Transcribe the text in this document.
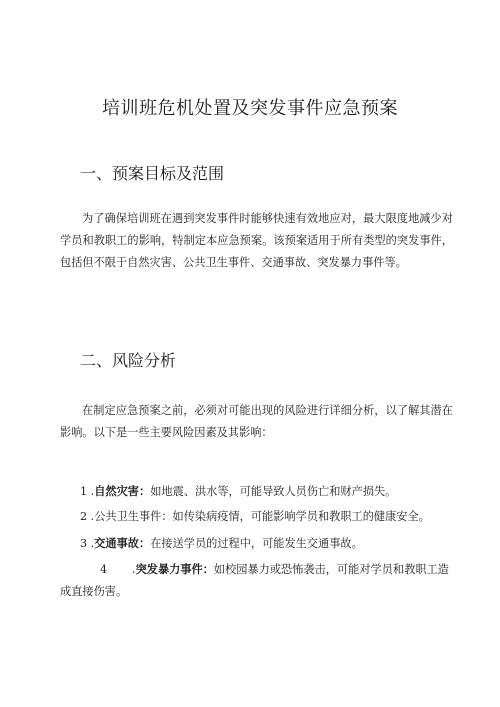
培训班危机处置及突发事件应急预案
一、预案目标及范围
为了确保培训班在遇到突发事件时能够快速有效地应对，最大限度地减少对学员和教职工的影响，特制定本应急预案。该预案适用于所有类型的突发事件，包括但不限于自然灾害、公共卫生事件、交通事故、突发暴力事件等。
二、风险分析
在制定应急预案之前，必须对可能出现的风险进行详细分析，以了解其潜在影响。以下是一些主要风险因素及其影响：
1 .自然灾害：如地震、洪水等，可能导致人员伤亡和财产损失。
2 .公共卫生事件：如传染病疫情，可能影响学员和教职工的健康安全。
3 .交通事故：在接送学员的过程中，可能发生交通事故。
4       .突发暴力事件：如校园暴力或恐怖袭击，可能对学员和教职工造成直接伤害。
